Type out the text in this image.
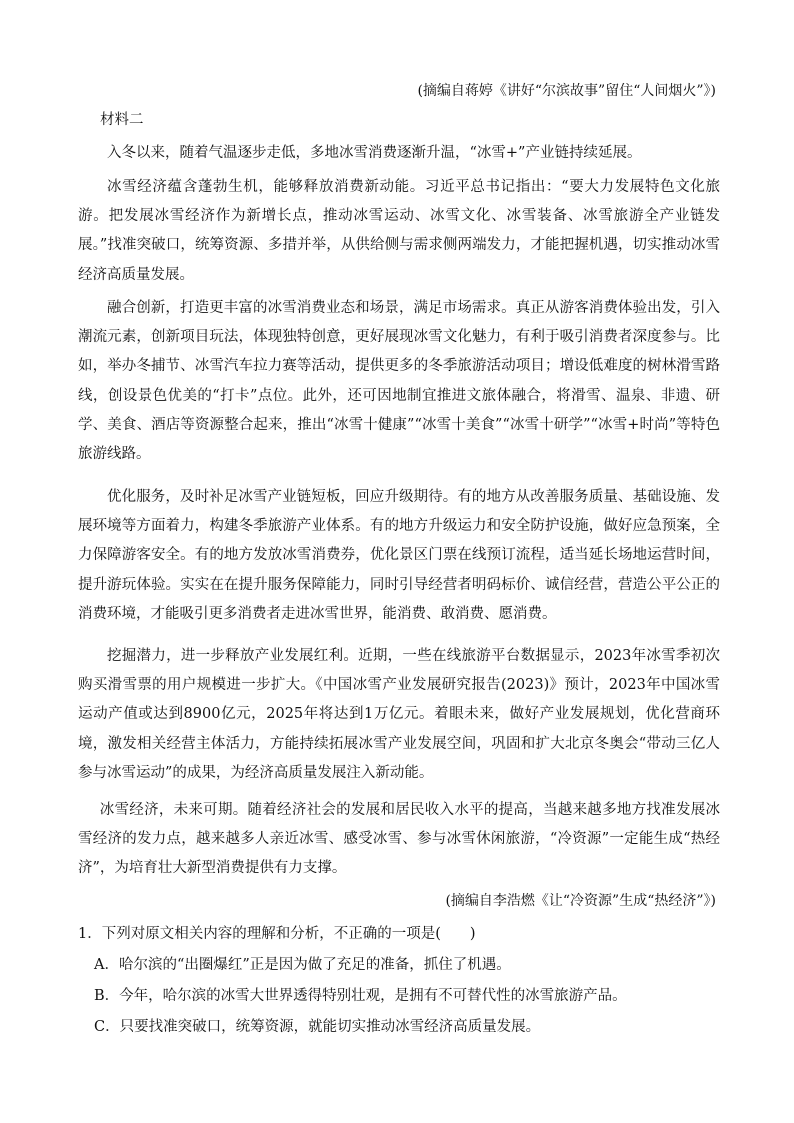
(摘编自蒋婷《讲好“尔滨故事”留住“人间烟火”》)
材料二

入冬以来，随着气温逐步走低，多地冰雪消费逐渐升温，“冰雪+”产业链持续延展。

冰雪经济蕴含蓬勃生机，能够释放消费新动能。习近平总书记指出：“要大力发展特色文化旅游。把发展冰雪经济作为新增长点，推动冰雪运动、冰雪文化、冰雪装备、冰雪旅游全产业链发展。”找准突破口，统筹资源、多措并举，从供给侧与需求侧两端发力，才能把握机遇，切实推动冰雪经济高质量发展。

融合创新，打造更丰富的冰雪消费业态和场景，满足市场需求。真正从游客消费体验出发，引入潮流元素，创新项目玩法，体现独特创意，更好展现冰雪文化魅力，有利于吸引消费者深度参与。比如，举办冬捕节、冰雪汽车拉力赛等活动，提供更多的冬季旅游活动项目；增设低难度的树林滑雪路线，创设景色优美的“打卡”点位。此外，还可因地制宜推进文旅体融合，将滑雪、温泉、非遗、研学、美食、酒店等资源整合起来，推出“冰雪十健康”“冰雪十美食”“冰雪十研学”“冰雪+时尚”等特色旅游线路。

优化服务，及时补足冰雪产业链短板，回应升级期待。有的地方从改善服务质量、基础设施、发展环境等方面着力，构建冬季旅游产业体系。有的地方升级运力和安全防护设施，做好应急预案，全力保障游客安全。有的地方发放冰雪消费券，优化景区门票在线预订流程，适当延长场地运营时间，提升游玩体验。实实在在提升服务保障能力，同时引导经营者明码标价、诚信经营，营造公平公正的消费环境，才能吸引更多消费者走进冰雪世界，能消费、敢消费、愿消费。

挖掘潜力，进一步释放产业发展红利。近期，一些在线旅游平台数据显示，2023年冰雪季初次购买滑雪票的用户规模进一步扩大。《中国冰雪产业发展研究报告(2023)》预计，2023年中国冰雪运动产值或达到8900亿元，2025年将达到1万亿元。着眼未来，做好产业发展规划，优化营商环境，激发相关经营主体活力，方能持续拓展冰雪产业发展空间，巩固和扩大北京冬奥会“带动三亿人参与冰雪运动”的成果，为经济高质量发展注入新动能。

冰雪经济，未来可期。随着经济社会的发展和居民收入水平的提高，当越来越多地方找准发展冰雪经济的发力点，越来越多人亲近冰雪、感受冰雪、参与冰雪休闲旅游，“冷资源”一定能生成“热经济”，为培育壮大新型消费提供有力支撑。

(摘编自李浩燃《让“冷资源”生成“热经济”》)
1．下列对原文相关内容的理解和分析，不正确的一项是(　　)
A．哈尔滨的“出圈爆红”正是因为做了充足的准备，抓住了机遇。
B．今年，哈尔滨的冰雪大世界透得特别壮观，是拥有不可替代性的冰雪旅游产品。
C．只要找准突破口，统筹资源，就能切实推动冰雪经济高质量发展。
